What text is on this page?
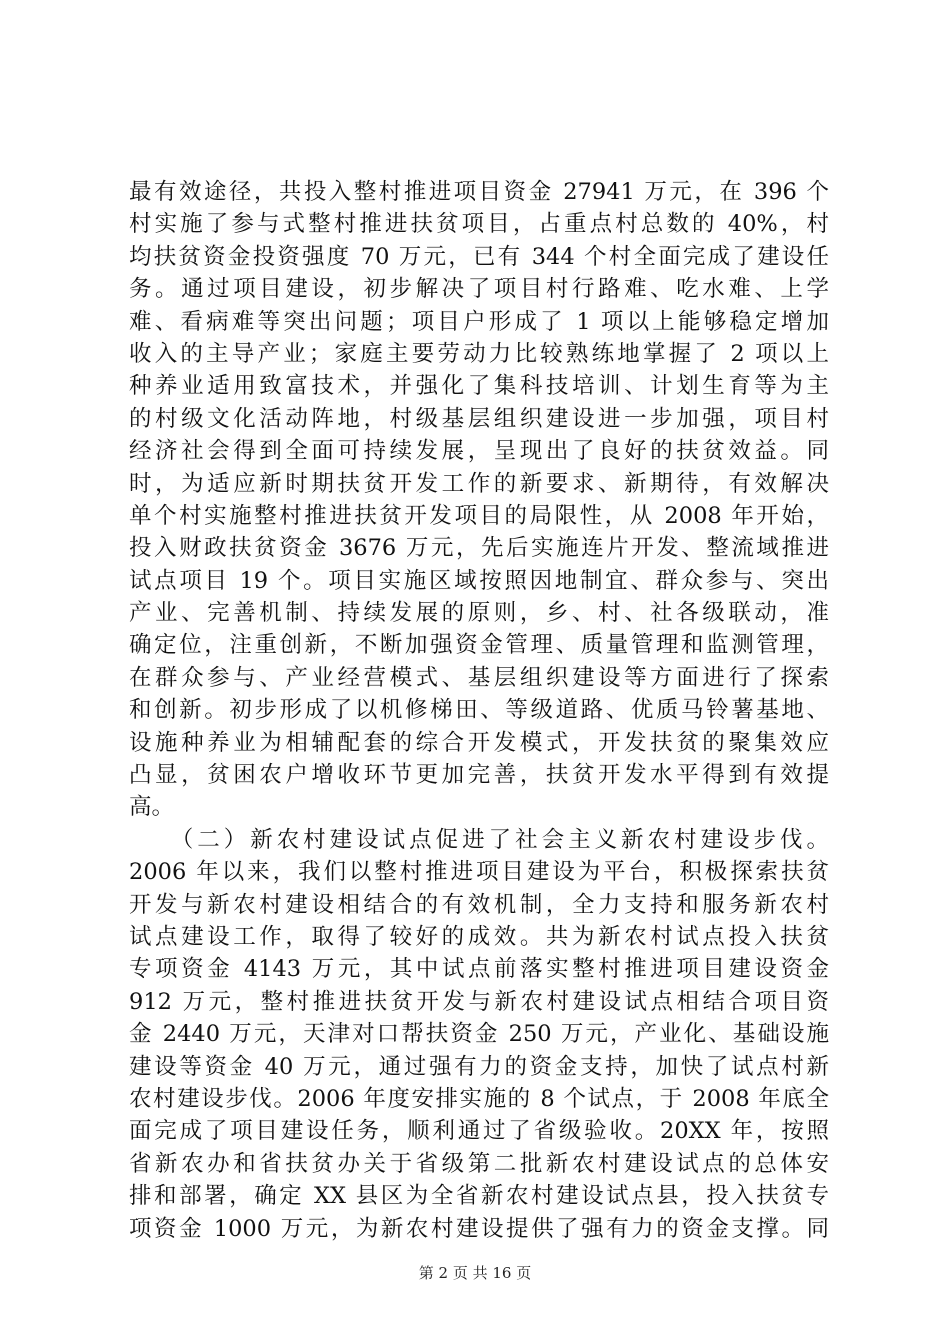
最有效途径，共投入整村推进项目资金 27941 万元，在 396 个
村实施了参与式整村推进扶贫项目，占重点村总数的 40%，村
均扶贫资金投资强度 70 万元，已有 344 个村全面完成了建设任
务。通过项目建设，初步解决了项目村行路难、吃水难、上学
难、看病难等突出问题；项目户形成了 1 项以上能够稳定增加
收入的主导产业；家庭主要劳动力比较熟练地掌握了 2 项以上
种养业适用致富技术，并强化了集科技培训、计划生育等为主
的村级文化活动阵地，村级基层组织建设进一步加强，项目村
经济社会得到全面可持续发展，呈现出了良好的扶贫效益。同
时，为适应新时期扶贫开发工作的新要求、新期待，有效解决
单个村实施整村推进扶贫开发项目的局限性，从 2008 年开始，
投入财政扶贫资金 3676 万元，先后实施连片开发、整流域推进
试点项目 19 个。项目实施区域按照因地制宜、群众参与、突出
产业、完善机制、持续发展的原则，乡、村、社各级联动，准
确定位，注重创新，不断加强资金管理、质量管理和监测管理，
在群众参与、产业经营模式、基层组织建设等方面进行了探索
和创新。初步形成了以机修梯田、等级道路、优质马铃薯基地、
设施种养业为相辅配套的综合开发模式，开发扶贫的聚集效应
凸显，贫困农户增收环节更加完善，扶贫开发水平得到有效提
高。
　　（二）新农村建设试点促进了社会主义新农村建设步伐。
2006 年以来，我们以整村推进项目建设为平台，积极探索扶贫
开发与新农村建设相结合的有效机制，全力支持和服务新农村
试点建设工作，取得了较好的成效。共为新农村试点投入扶贫
专项资金 4143 万元，其中试点前落实整村推进项目建设资金
912 万元，整村推进扶贫开发与新农村建设试点相结合项目资
金 2440 万元，天津对口帮扶资金 250 万元，产业化、基础设施
建设等资金 40 万元，通过强有力的资金支持，加快了试点村新
农村建设步伐。2006 年度安排实施的 8 个试点，于 2008 年底全
面完成了项目建设任务，顺利通过了省级验收。20XX 年，按照
省新农办和省扶贫办关于省级第二批新农村建设试点的总体安
排和部署，确定 XX 县区为全省新农村建设试点县，投入扶贫专
项资金 1000 万元，为新农村建设提供了强有力的资金支撑。同
第 2 页 共 16 页
